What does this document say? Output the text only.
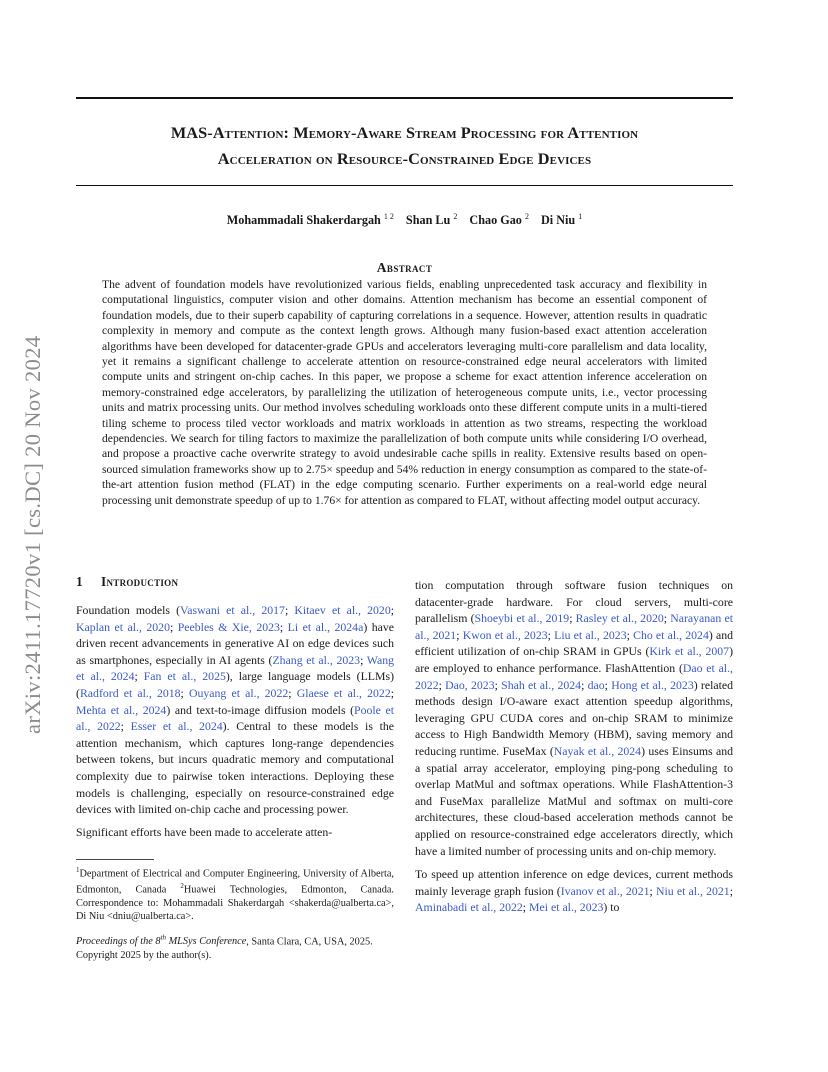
MAS-Attention: Memory-Aware Stream Processing for Attention
Acceleration on Resource-Constrained Edge Devices
Mohammadali Shakerdargah $^{1 2}$ Shan Lu $^2$ Chao Gao $^2$ Di Niu $^1$
Abstract

The advent of foundation models have revolutionized various fields, enabling unprecedented task accuracy and flexibility in computational linguistics, computer vision and other domains. Attention mechanism has become an essential component of foundation models, due to their superb capability of capturing correlations in a sequence. However, attention results in quadratic complexity in memory and compute as the context length grows. Although many fusion-based exact attention acceleration algorithms have been developed for datacenter-grade GPUs and accelerators leveraging multi-core parallelism and data locality, yet it remains a significant challenge to accelerate attention on resource-constrained edge neural accelerators with limited compute units and stringent on-chip caches. In this paper, we propose a scheme for exact attention inference acceleration on memory-constrained edge accelerators, by parallelizing the utilization of heterogeneous compute units, i.e., vector processing units and matrix processing units. Our method involves scheduling workloads onto these different compute units in a multi-tiered tiling scheme to process tiled vector workloads and matrix workloads in attention as two streams, respecting the workload dependencies. We search for tiling factors to maximize the parallelization of both compute units while considering I/O overhead, and propose a proactive cache overwrite strategy to avoid undesirable cache spills in reality. Extensive results based on open-sourced simulation frameworks show up to 2.75× speedup and 54% reduction in energy consumption as compared to the state-of-the-art attention fusion method (FLAT) in the edge computing scenario. Further experiments on a real-world edge neural processing unit demonstrate speedup of up to 1.76× for attention as compared to FLAT, without affecting model output accuracy.

arXiv:2411.17720v1 [cs.DC] 20 Nov 2024 1 Introduction

Foundation models (Vaswani et al., 2017; Kitaev et al., 2020; Kaplan et al., 2020; Peebles & Xie, 2023; Li et al., 2024a) have driven recent advancements in generative AI on edge devices such as smartphones, especially in AI agents (Zhang et al., 2023; Wang et al., 2024; Fan et al., 2025), large language models (LLMs) (Radford et al., 2018; Ouyang et al., 2022; Glaese et al., 2022; Mehta et al., 2024) and text-to-image diffusion models (Poole et al., 2022; Esser et al., 2024). Central to these models is the attention mechanism, which captures long-range dependencies between tokens, but incurs quadratic memory and computational complexity due to pairwise token interactions. Deploying these models is challenging, especially on resource-constrained edge devices with limited on-chip cache and processing power.

Significant efforts have been made to accelerate atten-

tion computation through software fusion techniques on datacenter-grade hardware. For cloud servers, multi-core parallelism (Shoeybi et al., 2019; Rasley et al., 2020; Narayanan et al., 2021; Kwon et al., 2023; Liu et al., 2023; Cho et al., 2024) and efficient utilization of on-chip SRAM in GPUs (Kirk et al., 2007) are employed to enhance performance. FlashAttention (Dao et al., 2022; Dao, 2023; Shah et al., 2024; dao; Hong et al., 2023) related methods design I/O-aware exact attention speedup algorithms, leveraging GPU CUDA cores and on-chip SRAM to minimize access to High Bandwidth Memory (HBM), saving memory and reducing runtime. FuseMax (Nayak et al., 2024) uses Einsums and a spatial array accelerator, employing ping-pong scheduling to overlap MatMul and softmax operations. While FlashAttention-3 and FuseMax parallelize MatMul and softmax on multi-core architectures, these cloud-based acceleration methods cannot be applied on resource-constrained edge accelerators directly, which have a limited number of processing units and on-chip memory.

To speed up attention inference on edge devices, current methods mainly leverage graph fusion (Ivanov et al., 2021; Niu et al., 2021; Aminabadi et al., 2022; Mei et al., 2023) to

$^1$Department of Electrical and Computer Engineering, University of Alberta, Edmonton, Canada $^2$Huawei Technologies, Edmonton, Canada. Correspondence to: Mohammadali Shakerdargah <shakerda@ualberta.ca>, Di Niu <dniu@ualberta.ca>.

Proceedings of the 8th MLSys Conference, Santa Clara, CA, USA, 2025. Copyright 2025 by the author(s).
